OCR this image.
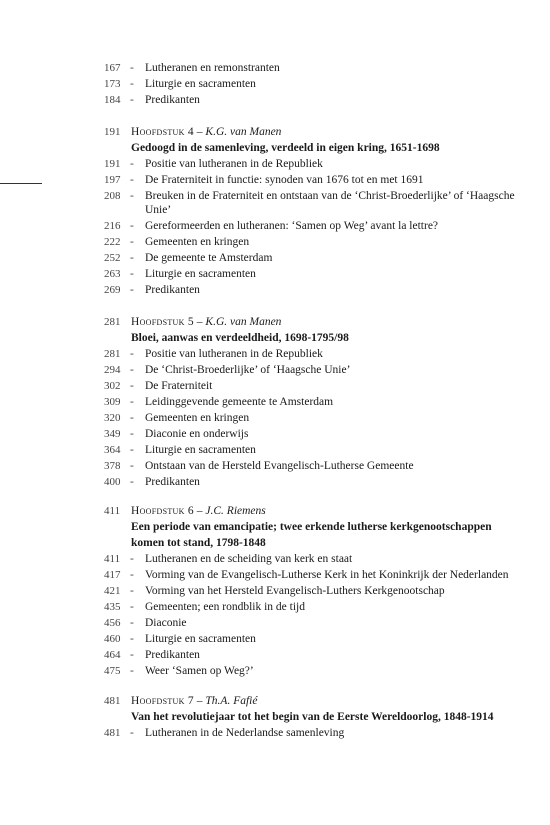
167 - Lutheranen en remonstranten
173 - Liturgie en sacramenten
184 - Predikanten
191 Hoofdstuk 4 – K.G. van Manen
Gedoogd in de samenleving, verdeeld in eigen kring, 1651-1698
191 - Positie van lutheranen in de Republiek
197 - De Fraterniteit in functie: synoden van 1676 tot en met 1691
208 - Breuken in de Fraterniteit en ontstaan van de ‘Christ-Broederlijke’ of ‘Haagsche
Unie’
216 - Gereformeerden en lutheranen: ‘Samen op Weg’ avant la lettre?
222 - Gemeenten en kringen
252 - De gemeente te Amsterdam
263 - Liturgie en sacramenten
269 - Predikanten
281 Hoofdstuk 5 – K.G. van Manen
Bloei, aanwas en verdeeldheid, 1698-1795/98
281 - Positie van lutheranen in de Republiek
294 - De ‘Christ-Broederlijke’ of ‘Haagsche Unie’
302 - De Fraterniteit
309 - Leidinggevende gemeente te Amsterdam
320 - Gemeenten en kringen
349 - Diaconie en onderwijs
364 - Liturgie en sacramenten
378 - Ontstaan van de Hersteld Evangelisch-Lutherse Gemeente
400 - Predikanten
411 Hoofdstuk 6 – J.C. Riemens
Een periode van emancipatie; twee erkende lutherse kerkgenootschappen
komen tot stand, 1798-1848
411 - Lutheranen en de scheiding van kerk en staat
417 - Vorming van de Evangelisch-Lutherse Kerk in het Koninkrijk der Nederlanden
421 - Vorming van het Hersteld Evangelisch-Luthers Kerkgenootschap
435 - Gemeenten; een rondblik in de tijd
456 - Diaconie
460 - Liturgie en sacramenten
464 - Predikanten
475 - Weer ‘Samen op Weg?’
481 Hoofdstuk 7 – Th.A. Fafié
Van het revolutiejaar tot het begin van de Eerste Wereldoorlog, 1848-1914
481 - Lutheranen in de Nederlandse samenleving
